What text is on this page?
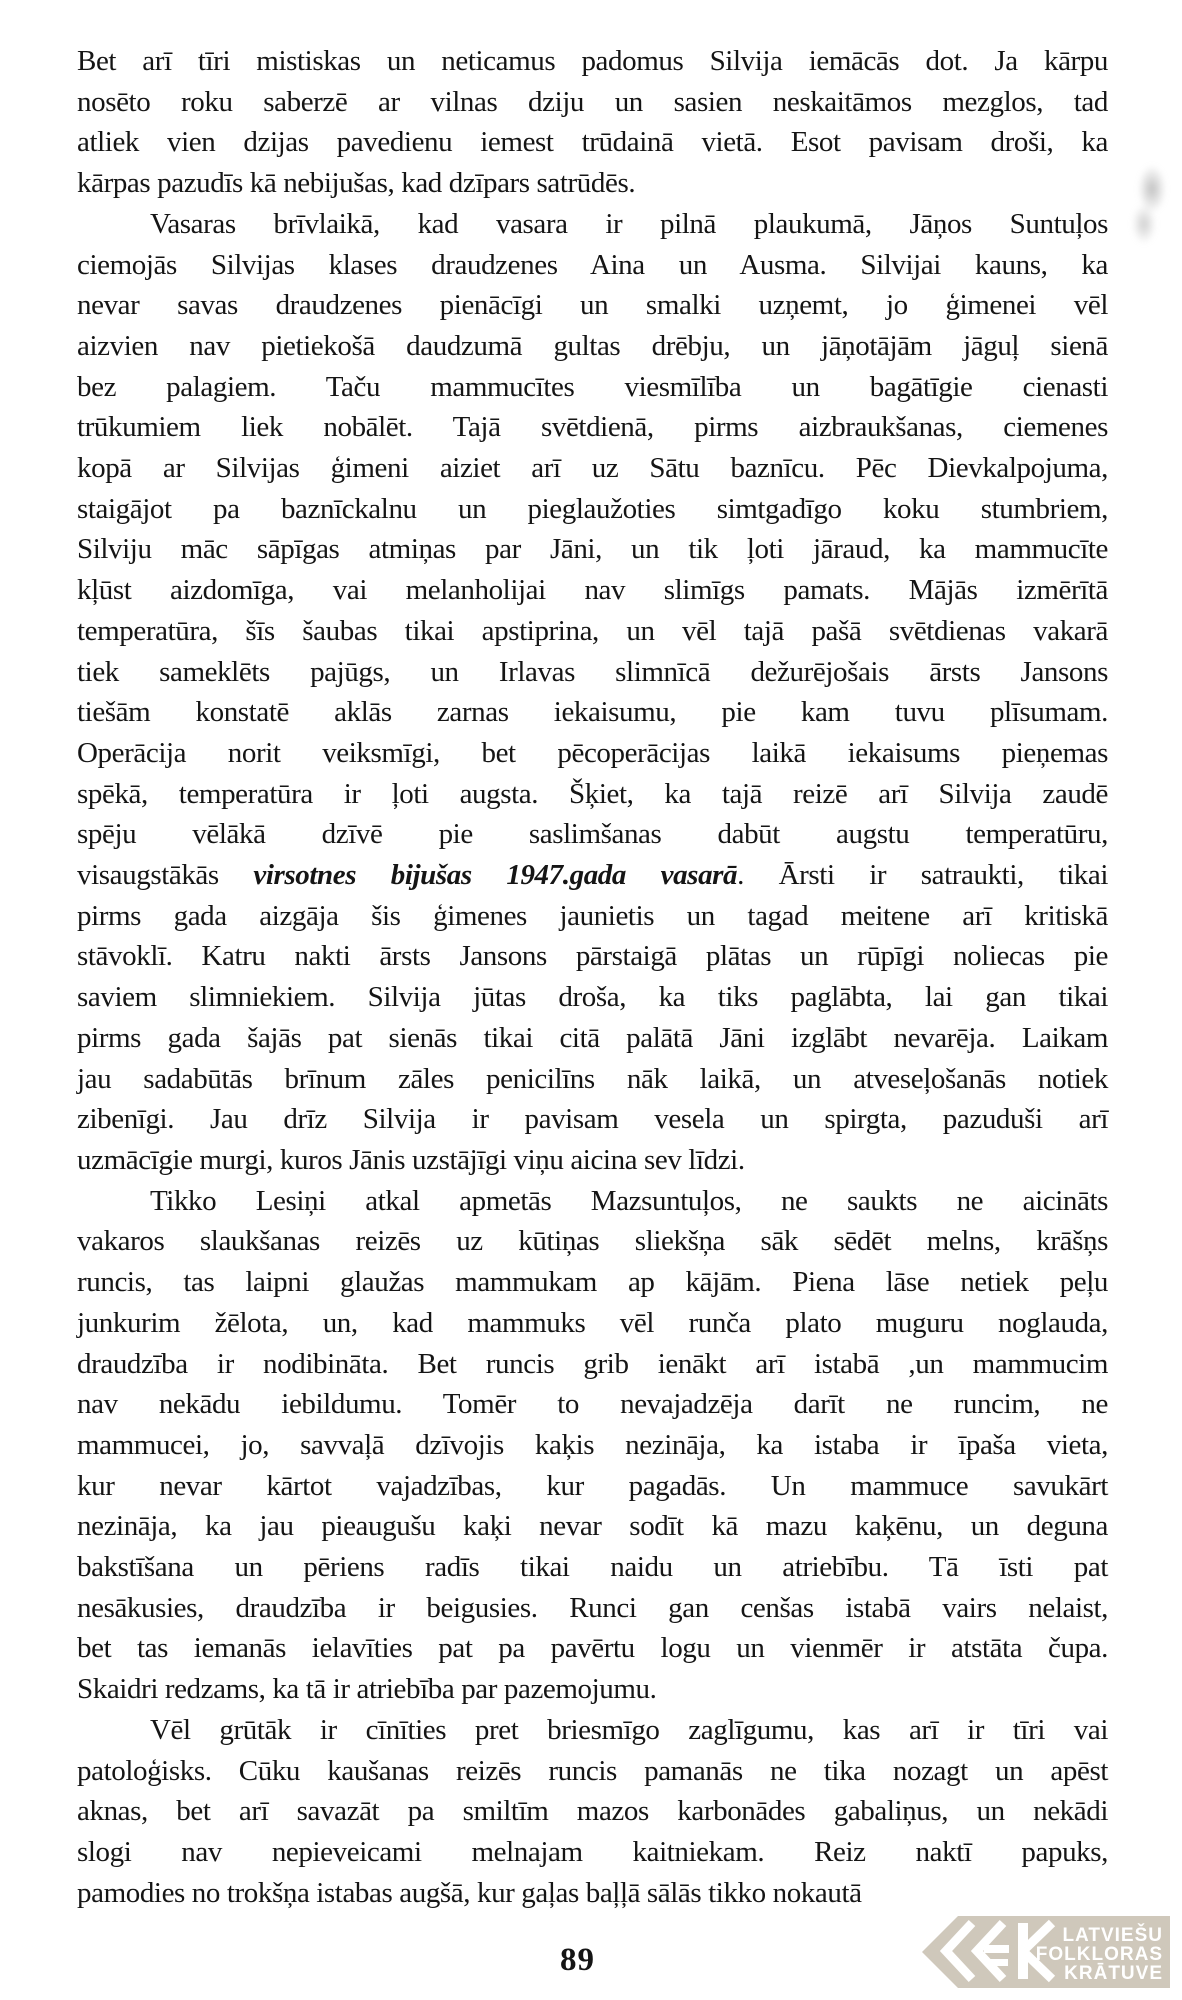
Bet arī tīri mistiskas un neticamus padomus Silvija iemācās dot. Ja kārpu
nosēto roku saberzē ar vilnas dziju un sasien neskaitāmos mezglos, tad
atliek vien dzijas pavedienu iemest trūdainā vietā. Esot pavisam droši, ka
kārpas pazudīs kā nebijušas, kad dzīpars satrūdēs.
Vasaras brīvlaikā, kad vasara ir pilnā plaukumā, Jāņos Suntuļos
ciemojās Silvijas klases draudzenes Aina un Ausma. Silvijai kauns, ka
nevar savas draudzenes pienācīgi un smalki uzņemt, jo ģimenei vēl
aizvien nav pietiekošā daudzumā gultas drēbju, un jāņotājām jāguļ sienā
bez palagiem. Taču mammucītes viesmīlība un bagātīgie cienasti
trūkumiem liek nobālēt. Tajā svētdienā, pirms aizbraukšanas, ciemenes
kopā ar Silvijas ģimeni aiziet arī uz Sātu baznīcu. Pēc Dievkalpojuma,
staigājot pa baznīckalnu un pieglaužoties simtgadīgo koku stumbriem,
Silviju māc sāpīgas atmiņas par Jāni, un tik ļoti jāraud, ka mammucīte
kļūst aizdomīga, vai melanholijai nav slimīgs pamats. Mājās izmērītā
temperatūra, šīs šaubas tikai apstiprina, un vēl tajā pašā svētdienas vakarā
tiek sameklēts pajūgs, un Irlavas slimnīcā dežurējošais ārsts Jansons
tiešām konstatē aklās zarnas iekaisumu, pie kam tuvu plīsumam.
Operācija norit veiksmīgi, bet pēcoperācijas laikā iekaisums pieņemas
spēkā, temperatūra ir ļoti augsta. Šķiet, ka tajā reizē arī Silvija zaudē
spēju vēlākā dzīvē pie saslimšanas dabūt augstu temperatūru,
visaugstākās virsotnes bijušas 1947.gada vasarā. Ārsti ir satraukti, tikai
pirms gada aizgāja šis ģimenes jaunietis un tagad meitene arī kritiskā
stāvoklī. Katru nakti ārsts Jansons pārstaigā plātas un rūpīgi noliecas pie
saviem slimniekiem. Silvija jūtas droša, ka tiks paglābta, lai gan tikai
pirms gada šajās pat sienās tikai citā palātā Jāni izglābt nevarēja. Laikam
jau sadabūtās brīnum zāles penicilīns nāk laikā, un atveseļošanās notiek
zibenīgi. Jau drīz Silvija ir pavisam vesela un spirgta, pazuduši arī
uzmācīgie murgi, kuros Jānis uzstājīgi viņu aicina sev līdzi.
Tikko Lesiņi atkal apmetās Mazsuntuļos, ne saukts ne aicināts
vakaros slaukšanas reizēs uz kūtiņas sliekšņa sāk sēdēt melns, krāšņs
runcis, tas laipni glaužas mammukam ap kājām. Piena lāse netiek peļu
junkurim žēlota, un, kad mammuks vēl runča plato muguru noglauda,
draudzība ir nodibināta. Bet runcis grib ienākt arī istabā ,un mammucim
nav nekādu iebildumu. Tomēr to nevajadzēja darīt ne runcim, ne
mammucei, jo, savvaļā dzīvojis kaķis nezināja, ka istaba ir īpaša vieta,
kur nevar kārtot vajadzības, kur pagadās. Un mammuce savukārt
nezināja, ka jau pieaugušu kaķi nevar sodīt kā mazu kaķēnu, un deguna
bakstīšana un pēriens radīs tikai naidu un atriebību. Tā īsti pat
nesākusies, draudzība ir beigusies. Runci gan cenšas istabā vairs nelaist,
bet tas iemanās ielavīties pat pa pavērtu logu un vienmēr ir atstāta čupa.
Skaidri redzams, ka tā ir atriebība par pazemojumu.
Vēl grūtāk ir cīnīties pret briesmīgo zaglīgumu, kas arī ir tīri vai
patoloģisks. Cūku kaušanas reizēs runcis pamanās ne tika nozagt un apēst
aknas, bet arī savazāt pa smiltīm mazos karbonādes gabaliņus, un nekādi
slogi nav nepieveicami melnajam kaitniekam. Reiz naktī papuks,
pamodies no trokšņa istabas augšā, kur gaļas baļļā sālās tikko nokautā
89
LATVIEŠU
FOLKLORAS
KRĀTUVE
